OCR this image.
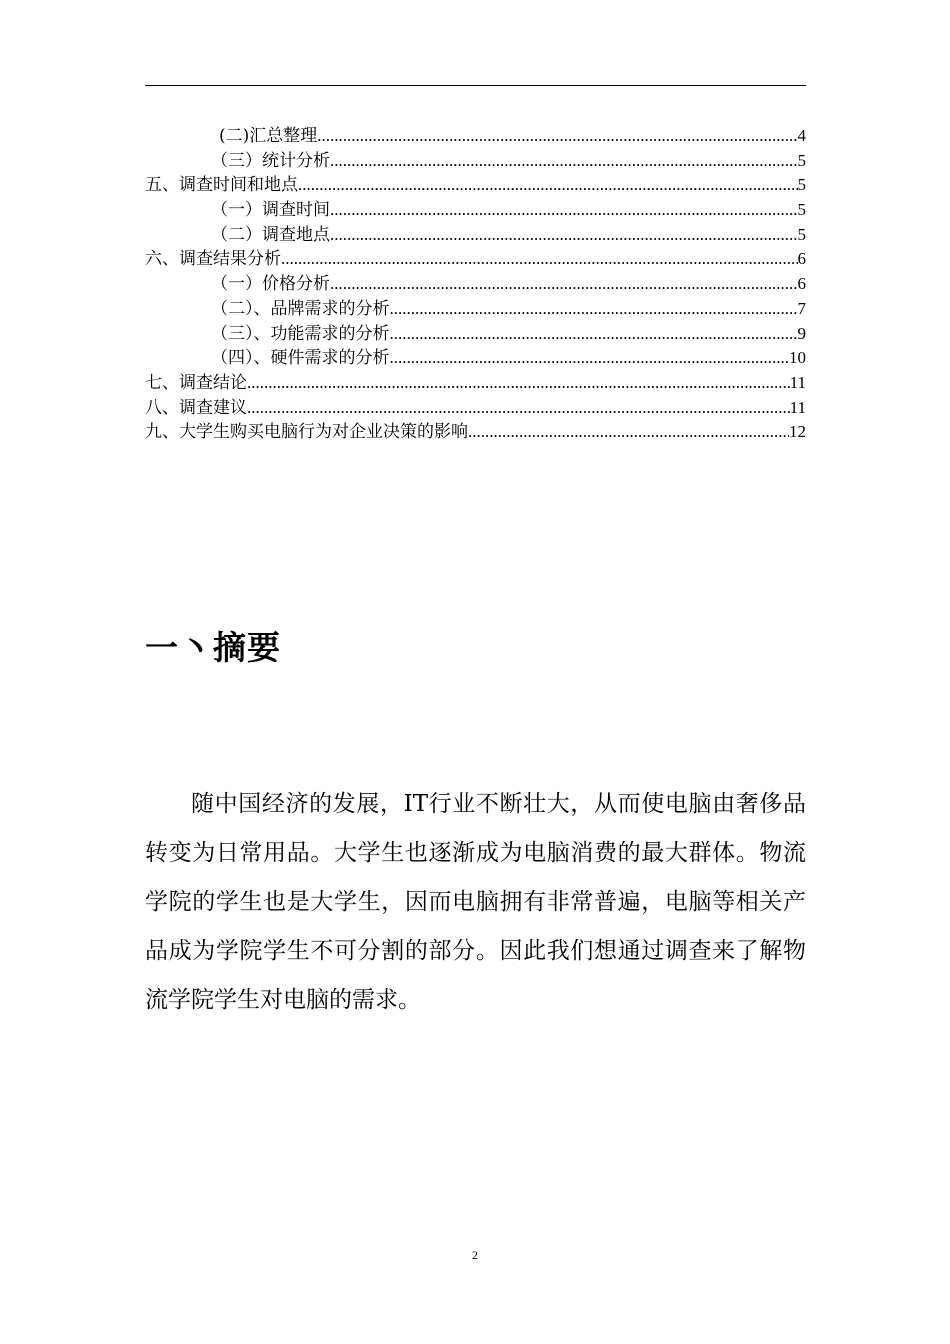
(二)汇总整理 .....	4
（三）统计分析 .....	5
五、调查时间和地点 .....	5
（一）调查时间 .....	5
（二）调查地点 .....	5
六、调查结果分析 .....	6
（一）价格分析 .....	6
（二）、品牌需求的分析 .....	7
（三）、功能需求的分析 .....	9
（四）、硬件需求的分析 .....	10
七、调查结论 .....	11
八、调查建议 .....	11
九、大学生购买电脑行为对企业决策的影响 .....	12
一丶摘要
随中国经济的发展，IT行业不断壮大，从而使电脑由奢侈品转变为日常用品。大学生也逐渐成为电脑消费的最大群体。物流学院的学生也是大学生，因而电脑拥有非常普遍，电脑等相关产品成为学院学生不可分割的部分。因此我们想通过调查来了解物流学院学生对电脑的需求。
2
